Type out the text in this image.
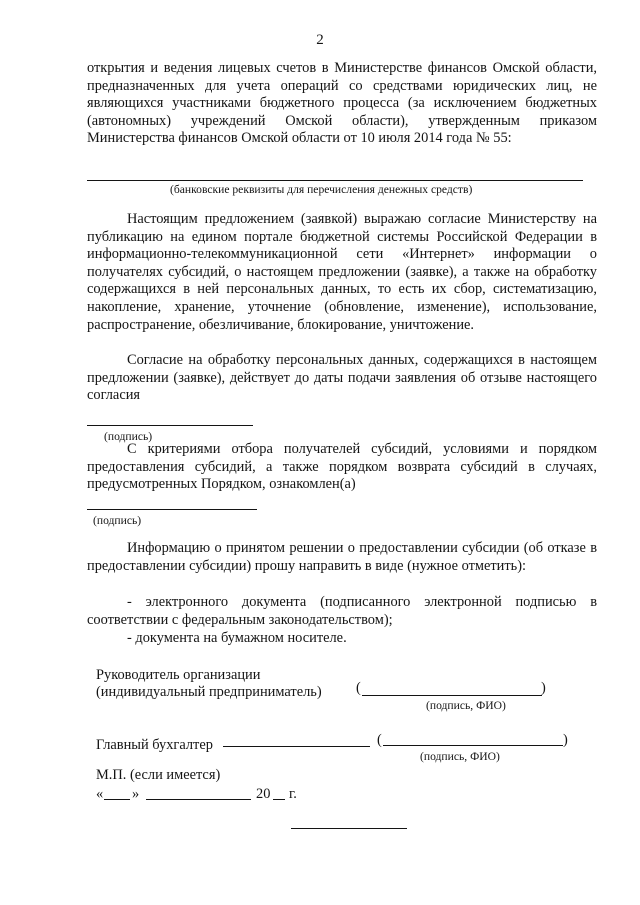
2

открытия и ведения лицевых счетов в Министерстве финансов Омской области, предназначенных для учета операций со средствами юридических лиц, не являющихся участниками бюджетного процесса (за исключением бюджетных (автономных) учреждений Омской области), утвержденным приказом Министерства финансов Омской области от 10 июля 2014 года № 55:

(банковские реквизиты для перечисления денежных средств)

Настоящим предложением (заявкой) выражаю согласие Министерству на публикацию на едином портале бюджетной системы Российской Федерации в информационно-телекоммуникационной сети «Интернет» информации о получателях субсидий, о настоящем предложении (заявке), а также на обработку содержащихся в ней персональных данных, то есть их сбор, систематизацию, накопление, хранение, уточнение (обновление, изменение), использование, распространение, обезличивание, блокирование, уничтожение.

Согласие на обработку персональных данных, содержащихся в настоящем предложении (заявке), действует до даты подачи заявления об отзыве настоящего согласия

(подпись)

С критериями отбора получателей субсидий, условиями и порядком предоставления субсидий, а также порядком возврата субсидий в случаях, предусмотренных Порядком, ознакомлен(а)

(подпись)

Информацию о принятом решении о предоставлении субсидии (об отказе в предоставлении субсидии) прошу направить в виде (нужное отметить):

- электронного документа (подписанного электронной подписью в соответствии с федеральным законодательством);

- документа на бумажном носителе.

Руководитель организации
(индивидуальный предприниматель) (	)
(подпись, ФИО)
Главный бухгалтер	(	)
(подпись, ФИО)
М.П. (если имеется)
« »	20 г.
